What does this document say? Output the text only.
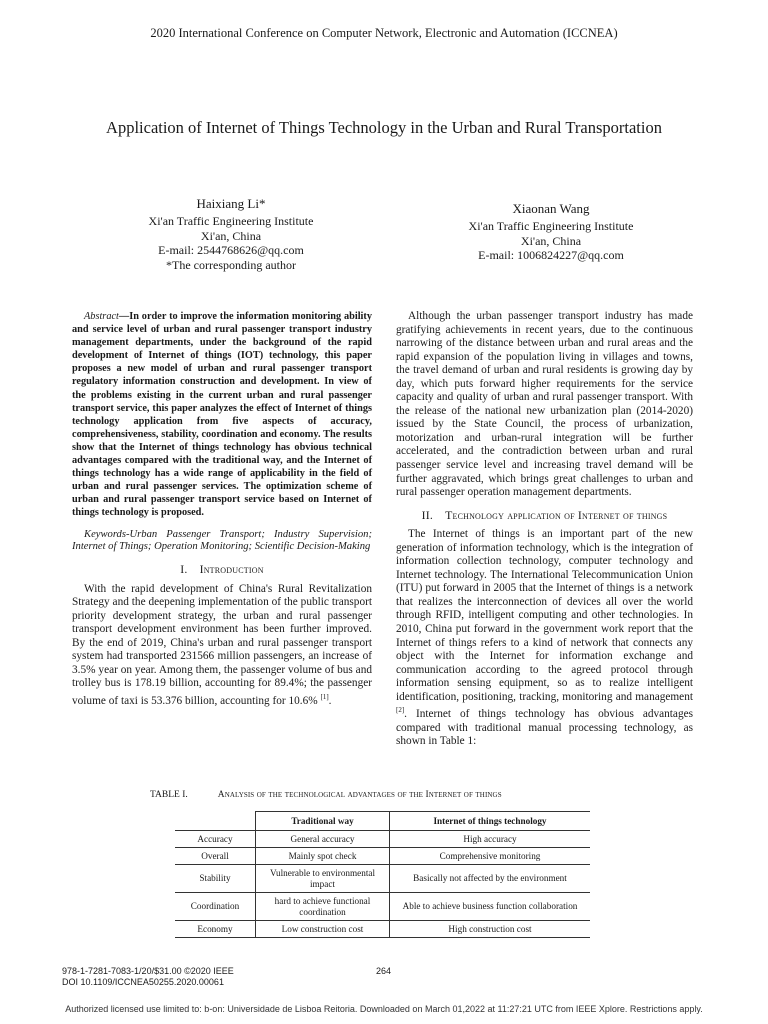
2020 International Conference on Computer Network, Electronic and Automation (ICCNEA)
Application of Internet of Things Technology in the Urban and Rural Transportation
Haixiang Li*
Xi'an Traffic Engineering Institute
Xi'an, China
E-mail: 2544768626@qq.com
*The corresponding author
Xiaonan Wang
Xi'an Traffic Engineering Institute
Xi'an, China
E-mail: 1006824227@qq.com

Abstract—In order to improve the information monitoring ability and service level of urban and rural passenger transport industry management departments, under the background of the rapid development of Internet of things (IOT) technology, this paper proposes a new model of urban and rural passenger transport regulatory information construction and development. In view of the problems existing in the current urban and rural passenger transport service, this paper analyzes the effect of Internet of things technology application from five aspects of accuracy, comprehensiveness, stability, coordination and economy. The results show that the Internet of things technology has obvious technical advantages compared with the traditional way, and the Internet of things technology has a wide range of applicability in the field of urban and rural passenger services. The optimization scheme of urban and rural passenger transport service based on Internet of things technology is proposed.

Keywords-Urban Passenger Transport; Industry Supervision; Internet of Things; Operation Monitoring; Scientific Decision-Making

I. Introduction

With the rapid development of China's Rural Revitalization Strategy and the deepening implementation of the public transport priority development strategy, the urban and rural passenger transport development environment has been further improved. By the end of 2019, China's urban and rural passenger transport system had transported 231566 million passengers, an increase of 3.5% year on year. Among them, the passenger volume of bus and trolley bus is 178.19 billion, accounting for 89.4%; the passenger volume of taxi is 53.376 billion, accounting for 10.6% [1].

Although the urban passenger transport industry has made gratifying achievements in recent years, due to the continuous narrowing of the distance between urban and rural areas and the rapid expansion of the population living in villages and towns, the travel demand of urban and rural residents is growing day by day, which puts forward higher requirements for the service capacity and quality of urban and rural passenger transport. With the release of the national new urbanization plan (2014-2020) issued by the State Council, the process of urbanization, motorization and urban-rural integration will be further accelerated, and the contradiction between urban and rural passenger service level and increasing travel demand will be further aggravated, which brings great challenges to urban and rural passenger operation management departments.

II. Technology application of Internet of things

The Internet of things is an important part of the new generation of information technology, which is the integration of information collection technology, computer technology and Internet technology. The International Telecommunication Union (ITU) put forward in 2005 that the Internet of things is a network that realizes the interconnection of devices all over the world through RFID, intelligent computing and other technologies. In 2010, China put forward in the government work report that the Internet of things refers to a kind of network that connects any object with the Internet for information exchange and communication according to the agreed protocol through information sensing equipment, so as to realize intelligent identification, positioning, tracking, monitoring and management [2]. Internet of things technology has obvious advantages compared with traditional manual processing technology, as shown in Table 1:

TABLE I.	Analysis of the technological advantages of the Internet of things
	Traditional way	Internet of things technology
Accuracy	General accuracy	High accuracy
Overall	Mainly spot check	Comprehensive monitoring
Stability	Vulnerable to environmental impact	Basically not affected by the environment
Coordination	hard to achieve functional coordination	Able to achieve business function collaboration
Economy	Low construction cost	High construction cost
978-1-7281-7083-1/20/$31.00 ©2020 IEEE
DOI 10.1109/ICCNEA50255.2020.00061
264
Authorized licensed use limited to: b-on: Universidade de Lisboa Reitoria. Downloaded on March 01,2022 at 11:27:21 UTC from IEEE Xplore. Restrictions apply.
